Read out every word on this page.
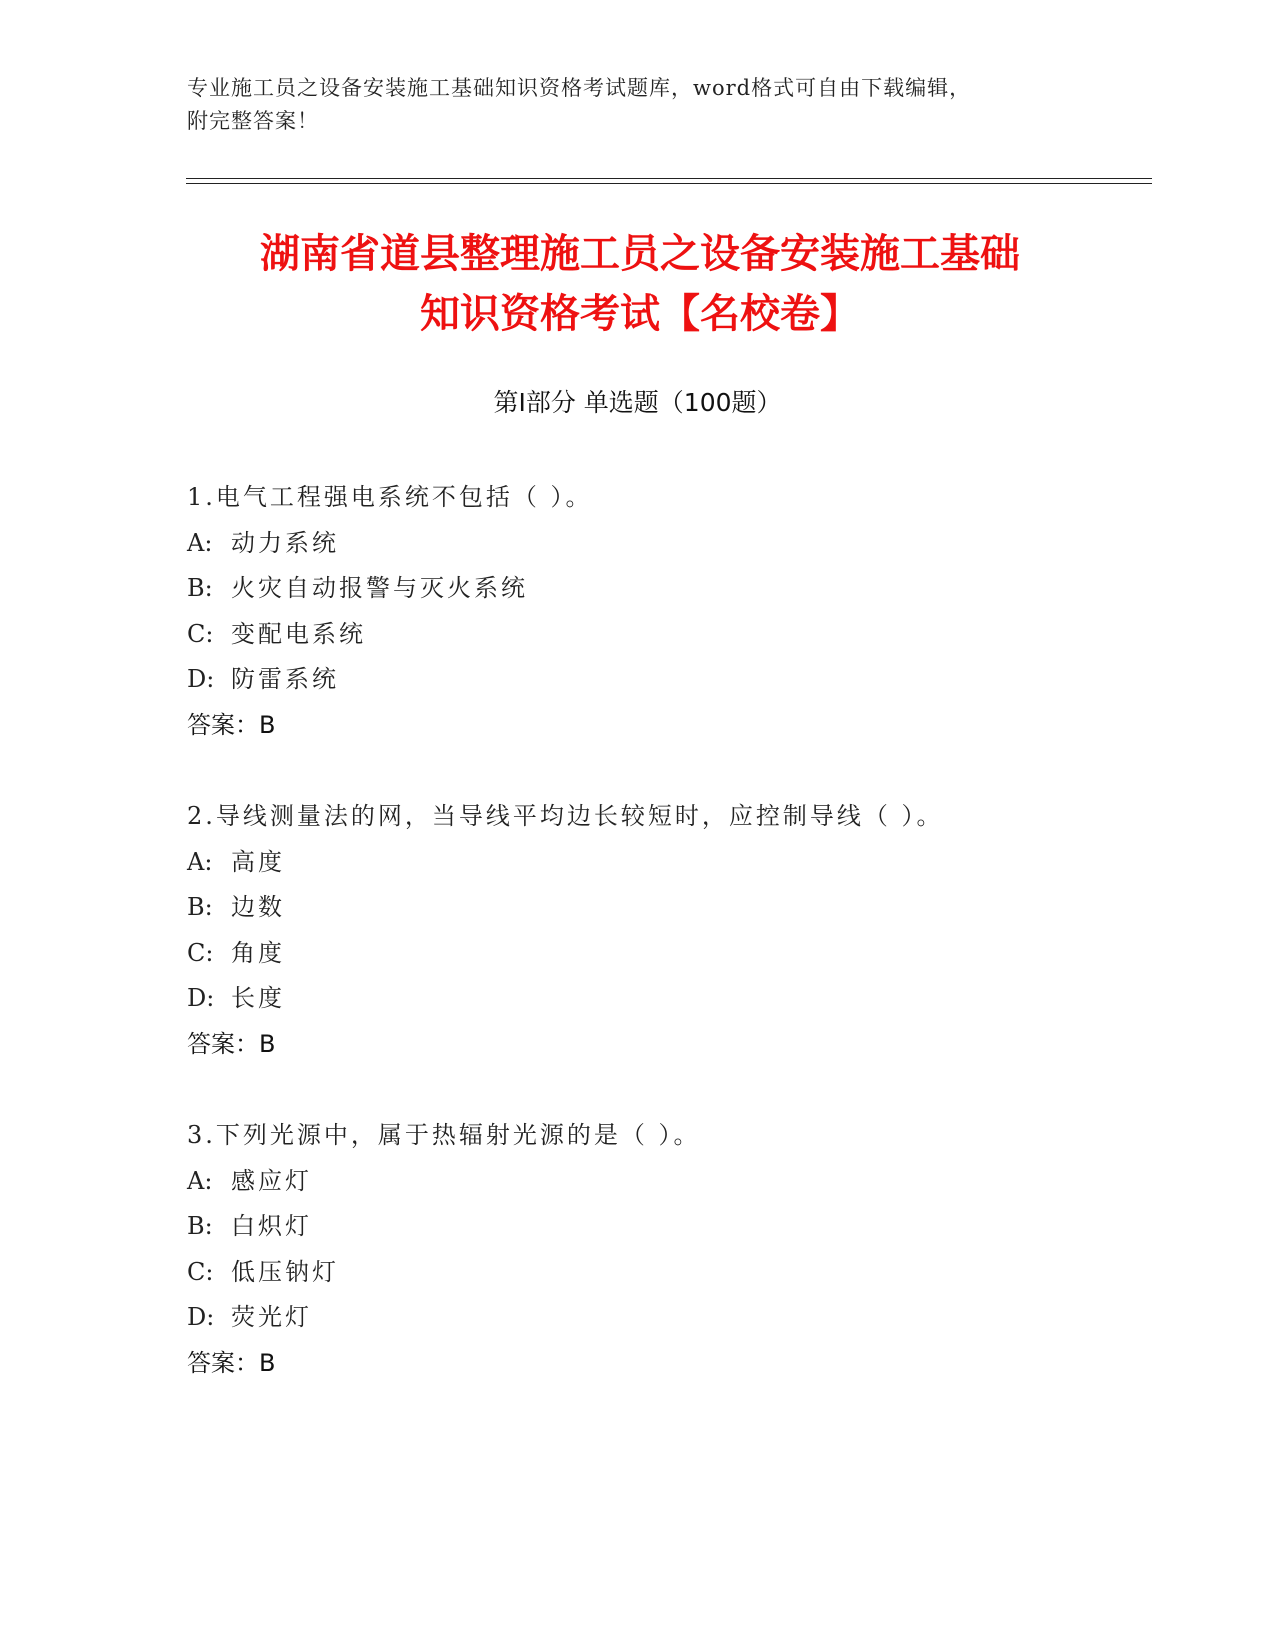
专业施工员之设备安装施工基础知识资格考试题库，word格式可自由下载编辑，
附完整答案！
湖南省道县整理施工员之设备安装施工基础
知识资格考试【名校卷】
第Ⅰ部分 单选题（100题）
1.电气工程强电系统不包括（ ）。
A: 动力系统
B: 火灾自动报警与灭火系统
C: 变配电系统
D: 防雷系统
答案：B
2.导线测量法的网，当导线平均边长较短时，应控制导线（ ）。
A: 高度
B: 边数
C: 角度
D: 长度
答案：B
3.下列光源中，属于热辐射光源的是（ ）。
A: 感应灯
B: 白炽灯
C: 低压钠灯
D: 荧光灯
答案：B
